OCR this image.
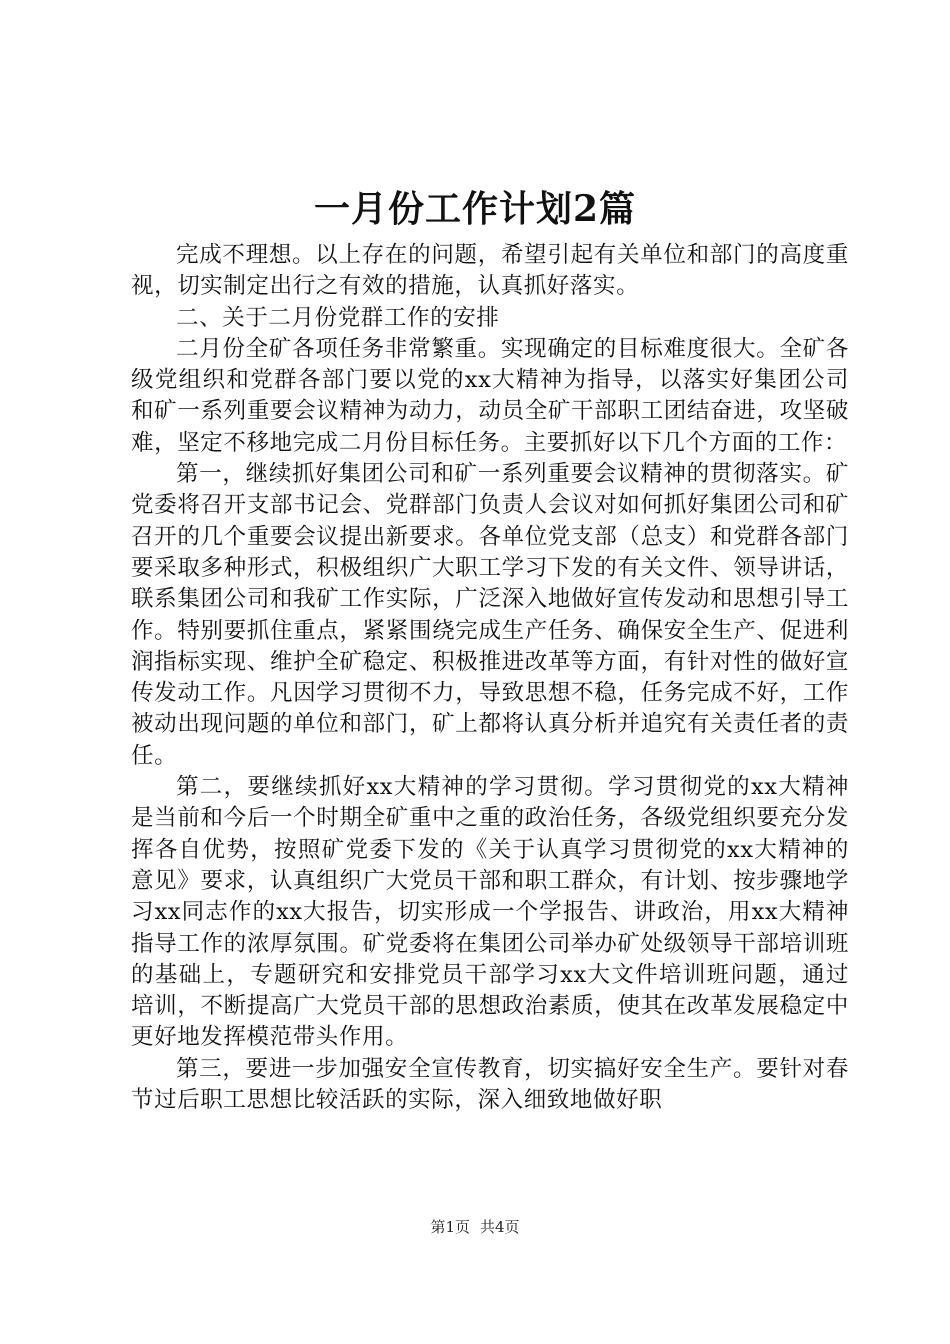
一月份工作计划2篇

完成不理想。以上存在的问题，希望引起有关单位和部门的高度重视，切实制定出行之有效的措施，认真抓好落实。

二、关于二月份党群工作的安排

二月份全矿各项任务非常繁重。实现确定的目标难度很大。全矿各级党组织和党群各部门要以党的xx大精神为指导，以落实好集团公司和矿一系列重要会议精神为动力，动员全矿干部职工团结奋进，攻坚破难，坚定不移地完成二月份目标任务。主要抓好以下几个方面的工作：

第一，继续抓好集团公司和矿一系列重要会议精神的贯彻落实。矿党委将召开支部书记会、党群部门负责人会议对如何抓好集团公司和矿召开的几个重要会议提出新要求。各单位党支部（总支）和党群各部门要采取多种形式，积极组织广大职工学习下发的有关文件、领导讲话，联系集团公司和我矿工作实际，广泛深入地做好宣传发动和思想引导工作。特别要抓住重点，紧紧围绕完成生产任务、确保安全生产、促进利润指标实现、维护全矿稳定、积极推进改革等方面，有针对性的做好宣传发动工作。凡因学习贯彻不力，导致思想不稳，任务完成不好，工作被动出现问题的单位和部门，矿上都将认真分析并追究有关责任者的责任。

第二，要继续抓好xx大精神的学习贯彻。学习贯彻党的xx大精神是当前和今后一个时期全矿重中之重的政治任务，各级党组织要充分发挥各自优势，按照矿党委下发的《关于认真学习贯彻党的xx大精神的意见》要求，认真组织广大党员干部和职工群众，有计划、按步骤地学习xx同志作的xx大报告，切实形成一个学报告、讲政治，用xx大精神指导工作的浓厚氛围。矿党委将在集团公司举办矿处级领导干部培训班的基础上，专题研究和安排党员干部学习xx大文件培训班问题，通过培训，不断提高广大党员干部的思想政治素质，使其在改革发展稳定中更好地发挥模范带头作用。

第三，要进一步加强安全宣传教育，切实搞好安全生产。要针对春节过后职工思想比较活跃的实际，深入细致地做好职

第1页 共4页
